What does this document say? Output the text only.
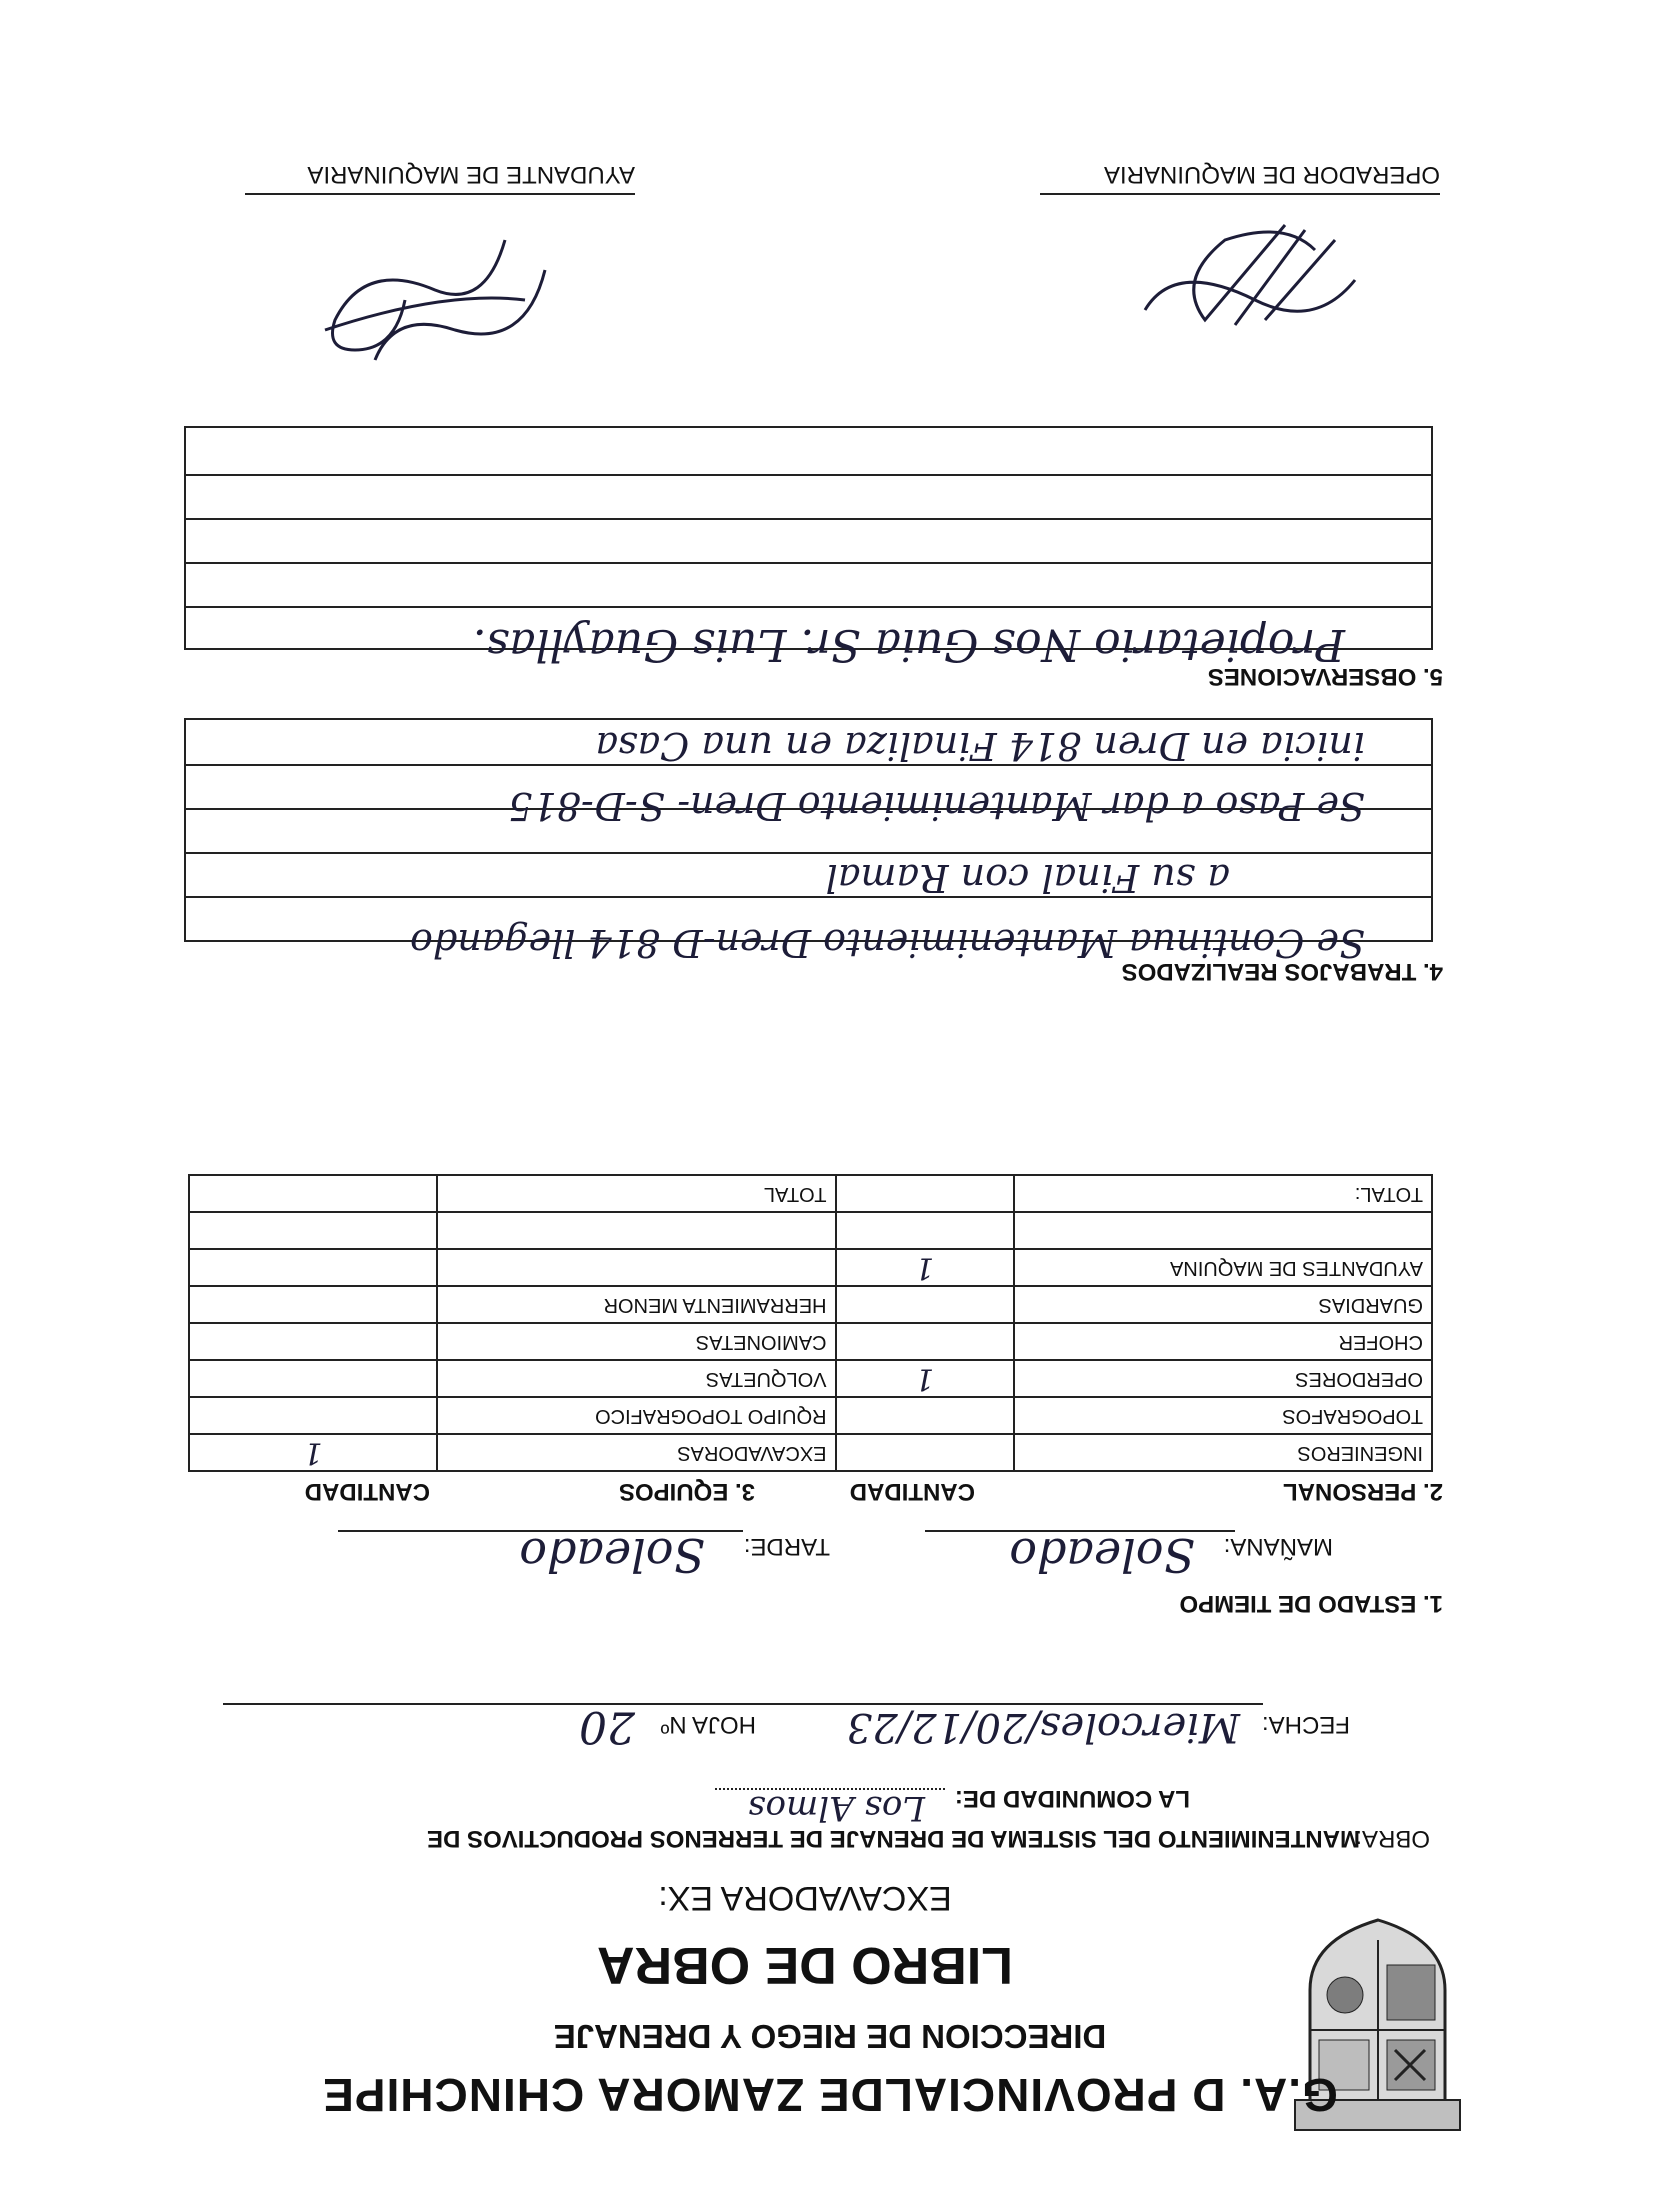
G.A. D PROVINCIALDE ZAMORA CHINCHIPE
DIRECCION DE RIEGO Y DRENAJE
LIBRO DE OBRA
EXCAVADORA EX:
OBRA:
MANTENIMIENTO DEL SISTEMA DE DRENAJE DE TERRENOS PRODUCTIVOS DE
LA COMUNIDAD DE:
Los Almos
FECHA:
Miercoles/20/12/23
HOJA Nº
20
1. ESTADO DE TIEMPO
MAÑANA:
Soleado
TARDE:
Soleado
2. PERSONAL
CANTIDAD
3. EQUIPOS
CANTIDAD
INGENIEROS		EXCAVADORAS	1
TOPOGRAFOS		RQUIPO TOPOGRAFICO	
OPERDORES	1	VOLQUETAS	
CHOFER		CAMIONETAS	
GUARDIAS		HERRAMIENTA MENOR	
AYUDANTES DE MAQUINA	1		

TOTAL:		TOTAL	
4. TRABAJOS REALIZADOS
Se Continua Mantenimiento Dren-D 814 llegando
a su Final con Ramal
Se Paso a dar Mantenimiento Dren- S-D-815
inicia en Dren 814 Finaliza en una Casa
5. OBSERVACIONES
Propietario Nos Guia Sr. Luis Guayllas.
OPERADOR DE MAQUINARIA
AYUDANTE DE MAQUINARIA
